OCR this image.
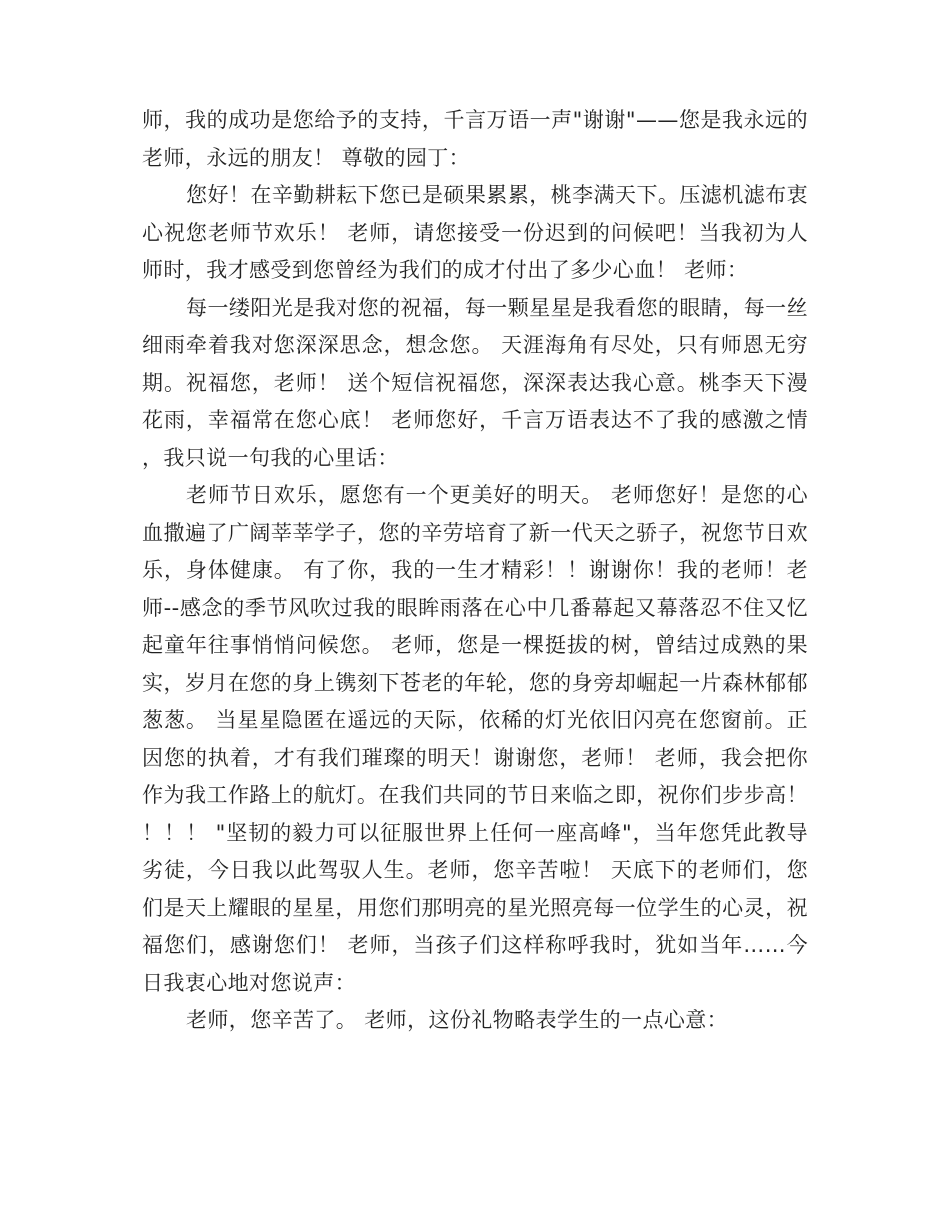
师，我的成功是您给予的支持，千言万语一声"谢谢"——您是我永远的老师，永远的朋友！ 尊敬的园丁：

您好！在辛勤耕耘下您已是硕果累累，桃李满天下。压滤机滤布衷心祝您老师节欢乐！ 老师，请您接受一份迟到的问候吧！当我初为人师时，我才感受到您曾经为我们的成才付出了多少心血！ 老师：

每一缕阳光是我对您的祝福，每一颗星星是我看您的眼睛，每一丝细雨牵着我对您深深思念，想念您。 天涯海角有尽处，只有师恩无穷期。祝福您，老师！ 送个短信祝福您，深深表达我心意。桃李天下漫花雨，幸福常在您心底！ 老师您好，千言万语表达不了我的感激之情，我只说一句我的心里话：

老师节日欢乐，愿您有一个更美好的明天。 老师您好！是您的心血撒遍了广阔莘莘学子，您的辛劳培育了新一代天之骄子，祝您节日欢乐，身体健康。 有了你，我的一生才精彩！！谢谢你！我的老师！老师--感念的季节风吹过我的眼眸雨落在心中几番幕起又幕落忍不住又忆起童年往事悄悄问候您。 老师，您是一棵挺拔的树，曾结过成熟的果实，岁月在您的身上镌刻下苍老的年轮，您的身旁却崛起一片森林郁郁葱葱。 当星星隐匿在遥远的天际，依稀的灯光依旧闪亮在您窗前。正因您的执着，才有我们璀璨的明天！谢谢您，老师！ 老师，我会把你作为我工作路上的航灯。在我们共同的节日来临之即，祝你们步步高！！！！ "坚韧的毅力可以征服世界上任何一座高峰"，当年您凭此教导劣徒，今日我以此驾驭人生。老师，您辛苦啦！ 天底下的老师们，您们是天上耀眼的星星，用您们那明亮的星光照亮每一位学生的心灵，祝福您们，感谢您们！ 老师，当孩子们这样称呼我时，犹如当年……今日我衷心地对您说声：

老师，您辛苦了。 老师，这份礼物略表学生的一点心意：
